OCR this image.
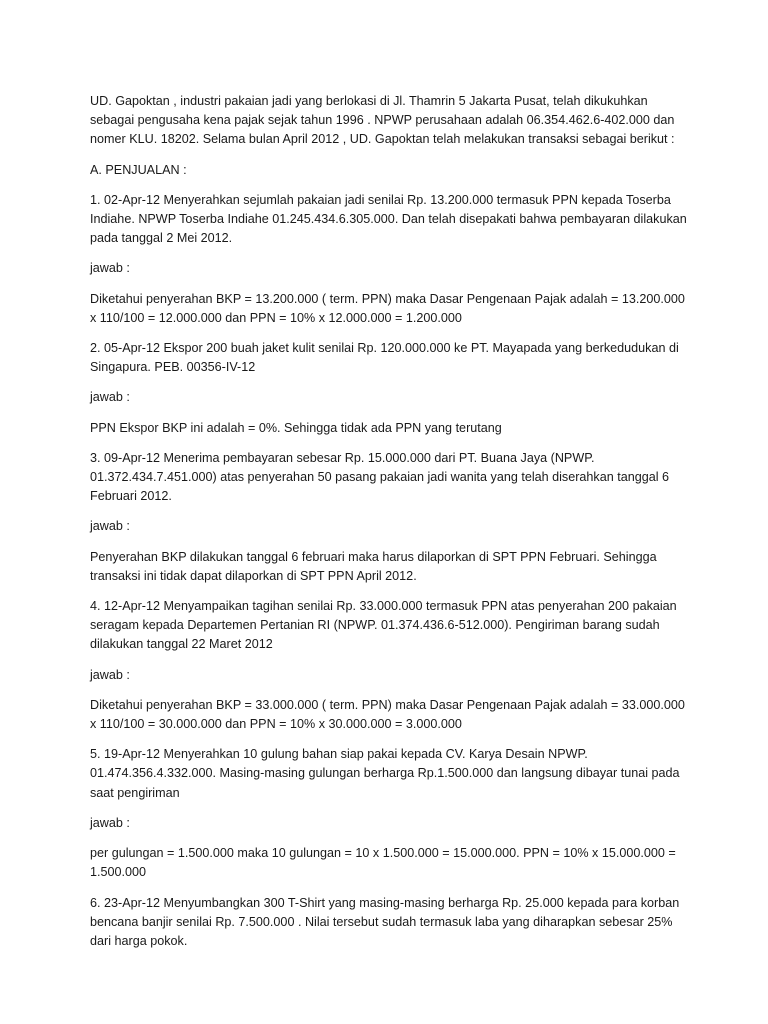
UD. Gapoktan , industri pakaian jadi yang berlokasi di Jl. Thamrin 5 Jakarta Pusat, telah dikukuhkan sebagai pengusaha kena pajak sejak tahun 1996 . NPWP perusahaan adalah 06.354.462.6-402.000 dan nomer KLU. 18202. Selama bulan April 2012 , UD. Gapoktan telah melakukan transaksi sebagai berikut :

A. PENJUALAN :

1. 02-Apr-12 Menyerahkan sejumlah pakaian jadi senilai Rp. 13.200.000 termasuk PPN kepada Toserba Indiahe. NPWP Toserba Indiahe 01.245.434.6.305.000. Dan telah disepakati bahwa pembayaran dilakukan pada tanggal 2 Mei 2012.

jawab :

Diketahui penyerahan BKP = 13.200.000 ( term. PPN) maka Dasar Pengenaan Pajak adalah = 13.200.000 x 110/100 = 12.000.000 dan PPN = 10% x 12.000.000 = 1.200.000

2. 05-Apr-12 Ekspor 200 buah jaket kulit senilai Rp. 120.000.000 ke PT. Mayapada yang berkedudukan di Singapura. PEB. 00356-IV-12

jawab :

PPN Ekspor BKP ini adalah = 0%. Sehingga tidak ada PPN yang terutang

3. 09-Apr-12 Menerima pembayaran sebesar Rp. 15.000.000 dari PT. Buana Jaya (NPWP. 01.372.434.7.451.000) atas penyerahan 50 pasang pakaian jadi wanita yang telah diserahkan tanggal 6 Februari 2012.

jawab :

Penyerahan BKP dilakukan tanggal 6 februari maka harus dilaporkan di SPT PPN Februari. Sehingga transaksi ini tidak dapat dilaporkan di SPT PPN April 2012.

4. 12-Apr-12 Menyampaikan tagihan senilai Rp. 33.000.000 termasuk PPN atas penyerahan 200 pakaian seragam kepada Departemen Pertanian RI (NPWP. 01.374.436.6-512.000). Pengiriman barang sudah dilakukan tanggal 22 Maret 2012

jawab :

Diketahui penyerahan BKP = 33.000.000 ( term. PPN) maka Dasar Pengenaan Pajak adalah = 33.000.000 x 110/100 = 30.000.000 dan PPN = 10% x 30.000.000 = 3.000.000

5. 19-Apr-12 Menyerahkan 10 gulung bahan siap pakai kepada CV. Karya Desain NPWP. 01.474.356.4.332.000. Masing-masing gulungan berharga Rp.1.500.000 dan langsung dibayar tunai pada saat pengiriman

jawab :

per gulungan = 1.500.000 maka 10 gulungan = 10 x 1.500.000 = 15.000.000. PPN = 10% x 15.000.000 = 1.500.000

6. 23-Apr-12 Menyumbangkan 300 T-Shirt yang masing-masing berharga Rp. 25.000 kepada para korban bencana banjir senilai Rp. 7.500.000 . Nilai tersebut sudah termasuk laba yang diharapkan sebesar 25% dari harga pokok.
